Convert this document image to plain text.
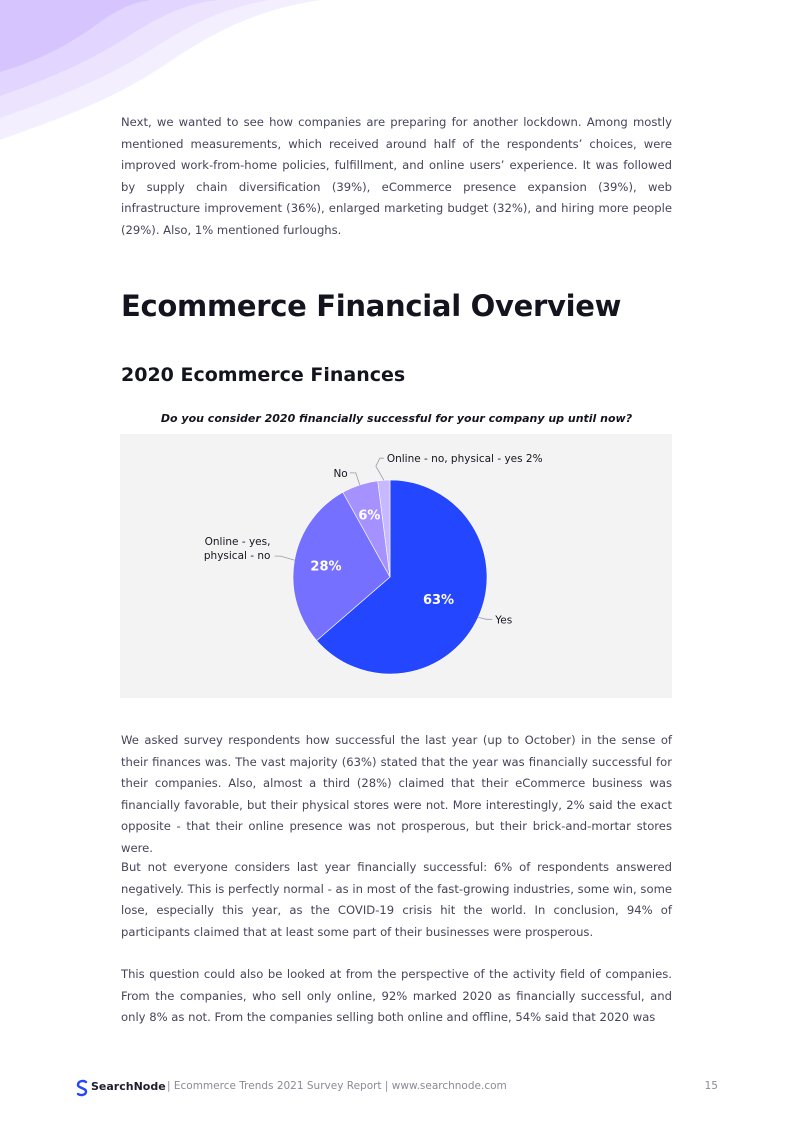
Next, we wanted to see how companies are preparing for another lockdown. Among mostly mentioned measurements, which received around half of the respondents’ choices, were improved work-from-home policies, fulfillment, and online users’ experience. It was followed by supply chain diversification (39%), eCommerce presence expansion (39%), web infrastructure improvement (36%), enlarged marketing budget (32%), and hiring more people (29%). Also, 1% mentioned furloughs.

Ecommerce Financial Overview
2020 Ecommerce Finances
Do you consider 2020 financially successful for your company up until now?
63%
28%
6%
Yes
Online - yes,
physical - no
No
Online - no, physical - yes 2%

We asked survey respondents how successful the last year (up to October) in the sense of their finances was. The vast majority (63%) stated that the year was financially successful for their companies. Also, almost a third (28%) claimed that their eCommerce business was financially favorable, but their physical stores were not. More interestingly, 2% said the exact opposite - that their online presence was not prosperous, but their brick-and-mortar stores were.

But not everyone considers last year financially successful: 6% of respondents answered negatively. This is perfectly normal - as in most of the fast-growing industries, some win, some lose, especially this year, as the COVID-19 crisis hit the world. In conclusion, 94% of participants claimed that at least some part of their businesses were prosperous.

This question could also be looked at from the perspective of the activity field of companies. From the companies, who sell only online, 92% marked 2020 as financially successful, and only 8% as not. From the companies selling both online and offline, 54% said that 2020 was

SearchNode | Ecommerce Trends 2021 Survey Report | www.searchnode.com	15
